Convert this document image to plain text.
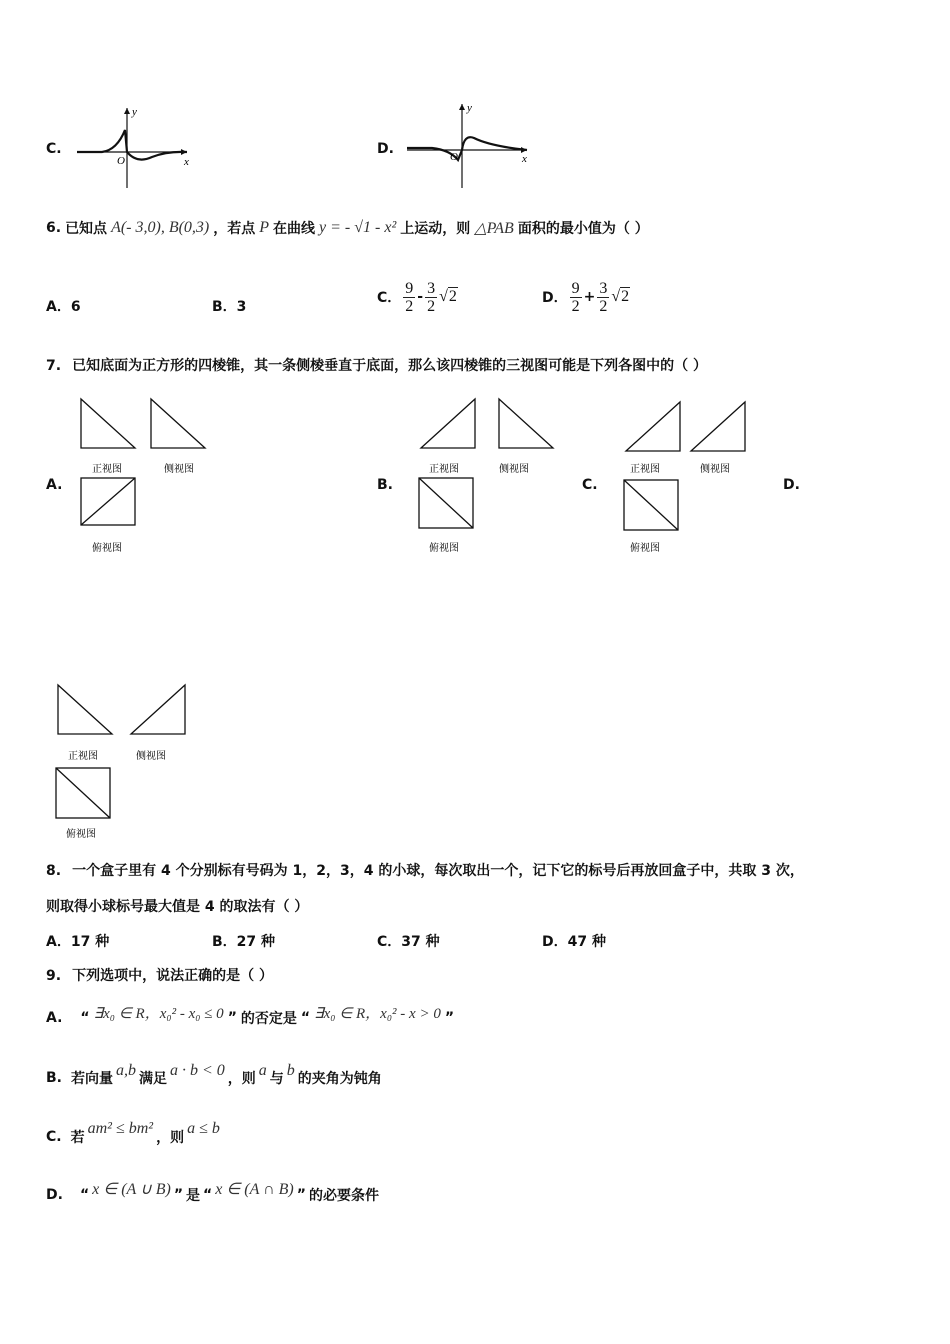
C.
y
x
O
D.
y
x
O
6. 已知点 A(- 3,0), B(0,3) ，若点 P 在曲线 y = - √1 - x² 上运动，则 △PAB 面积的最小值为（ ）
A．6	B．3
C． $\frac{9}{2} - \frac{3}{2} √2$	D． $\frac{9}{2} + \frac{3}{2} √2$
7. 已知底面为正方形的四棱锥，其一条侧棱垂直于底面，那么该四棱锥的三视图可能是下列各图中的（ ）
A.
正视图	侧视图
俯视图
B.
正视图	侧视图
俯视图
C.
正视图	侧视图
俯视图
D.
正视图	侧视图
俯视图
8. 一个盒子里有 4 个分别标有号码为 1，2，3，4 的小球，每次取出一个，记下它的标号后再放回盒子中，共取 3 次，
则取得小球标号最大值是 4 的取法有（ ）
A．17 种	B．27 种	C．37 种	D．47 种
9. 下列选项中，说法正确的是（ ）
A. “ ∃x₀ ∈ R，x₀² - x₀ ≤ 0 ” 的否定是 “ ∃x₀ ∈ R，x₀² - x > 0 ”
B. 若向量 a,b 满足 a · b < 0 ，则 a 与 b 的夹角为钝角
C. 若
am² ≤ bm²
，则
a ≤ b
D. “ x ∈ (A ∪ B) ” 是 “ x ∈ (A ∩ B) ” 的必要条件
